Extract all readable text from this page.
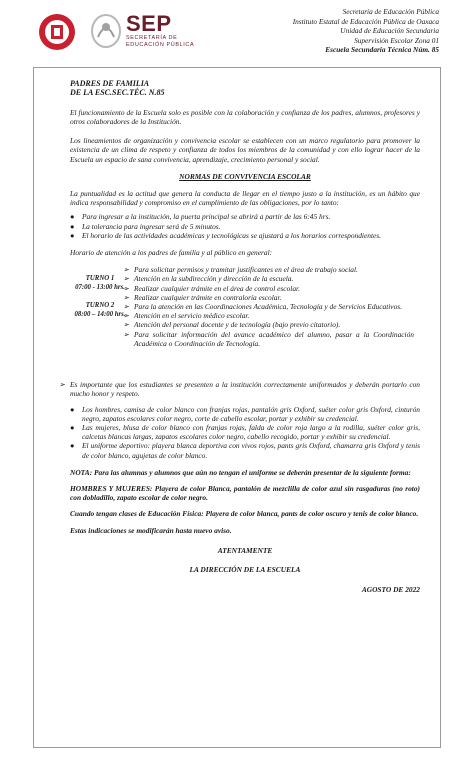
SEP
SECRETARÍA DE
EDUCACIÓN PÚBLICA
Secretaría de Educación Pública
Instituto Estatal de Educación Pública de Oaxaca
Unidad de Educación Secundaria
Supervisión Escolar Zona 01
Escuela Secundaria Técnica Núm. 85

PADRES DE FAMILIA

DE LA ESC.SEC.TÉC. N.85

El funcionamiento de la Escuela solo es posible con la colaboración y confianza de los padres, alumnos, profesores y otros colaboradores de la Institución.

Los lineamientos de organización y convivencia escolar se establecen con un marco regulatorio para promover la existencia de un clima de respeto y confianza de todos los miembros de la comunidad y con ello lograr hacer de la Escuela un espacio de sana convivencia, aprendizaje, crecimiento personal y social.

NORMAS DE CONVIVENCIA ESCOLAR

La puntualidad es la actitud que genera la conducta de llegar en el tiempo justo a la institución, es un hábito que indica responsabilidad y compromiso en el cumplimiento de las obligaciones, por lo tanto:

● Para ingresar a la institución, la puerta principal se abrirá a partir de las 6:45 hrs.
● La tolerancia para ingresar será de 5 minutos.
● El horario de las actividades académicas y tecnológicas se ajustará a los horarios correspondientes.

Horario de atención a los padres de familia y al público en general:

TURNO 1
07:00 - 13:00 hrs.
TURNO 2
08:00 – 14:00 hrs.
➢ Para solicitar permisos y tramitar justificantes en el área de trabajo social.
➢ Atención en la subdirección y dirección de la escuela.
➢ Realizar cualquier trámite en el área de control escolar.
➢ Realizar cualquier trámite en contraloría escolar.
➢ Para la atención en las Coordinaciones Académica, Tecnología y de Servicios Educativos.
➢ Atención en el servicio médico escolar.
➢ Atención del personal docente y de tecnología (bajo previo citatorio).
➢ Para solicitar información del avance académico del alumno, pasar a la Coordinación Académica o Coordinación de Tecnología.
➢ Es importante que los estudiantes se presenten a la institución correctamente uniformados y deberán portarlo con mucho honor y respeto.
● Los hombres, camisa de color blanco con franjas rojas, pantalón gris Oxford, suéter color gris Oxford, cinturón negro, zapatos escolares color negro, corte de cabello escolar, portar y exhibir su credencial.
● Las mujeres, blusa de color blanco con franjas rojas, falda de color roja largo a la rodilla, suéter color gris, calcetas blancas largas, zapatos escolares color negro, cabello recogido, portar y exhibir su credencial.
● El uniforme deportivo: playera blanca deportiva con vivos rojos, pants gris Oxford, chamarra gris Oxford y tenis de color blanco, agujetas de color blanco.

NOTA: Para las alumnas y alumnos que aún no tengan el uniforme se deberán presentar de la siguiente forma:

HOMBRES Y MUJERES: Playera de color Blanca, pantalón de mezclilla de color azul sin rasgaduras (no roto) con dobladillo, zapato escolar de color negro.

Cuando tengan clases de Educación Física: Playera de color blanca, pants de color oscuro y tenis de color blanco.

Estas indicaciones se modificarán hasta nuevo aviso.

ATENTAMENTE

LA DIRECCIÓN DE LA ESCUELA

AGOSTO DE 2022
